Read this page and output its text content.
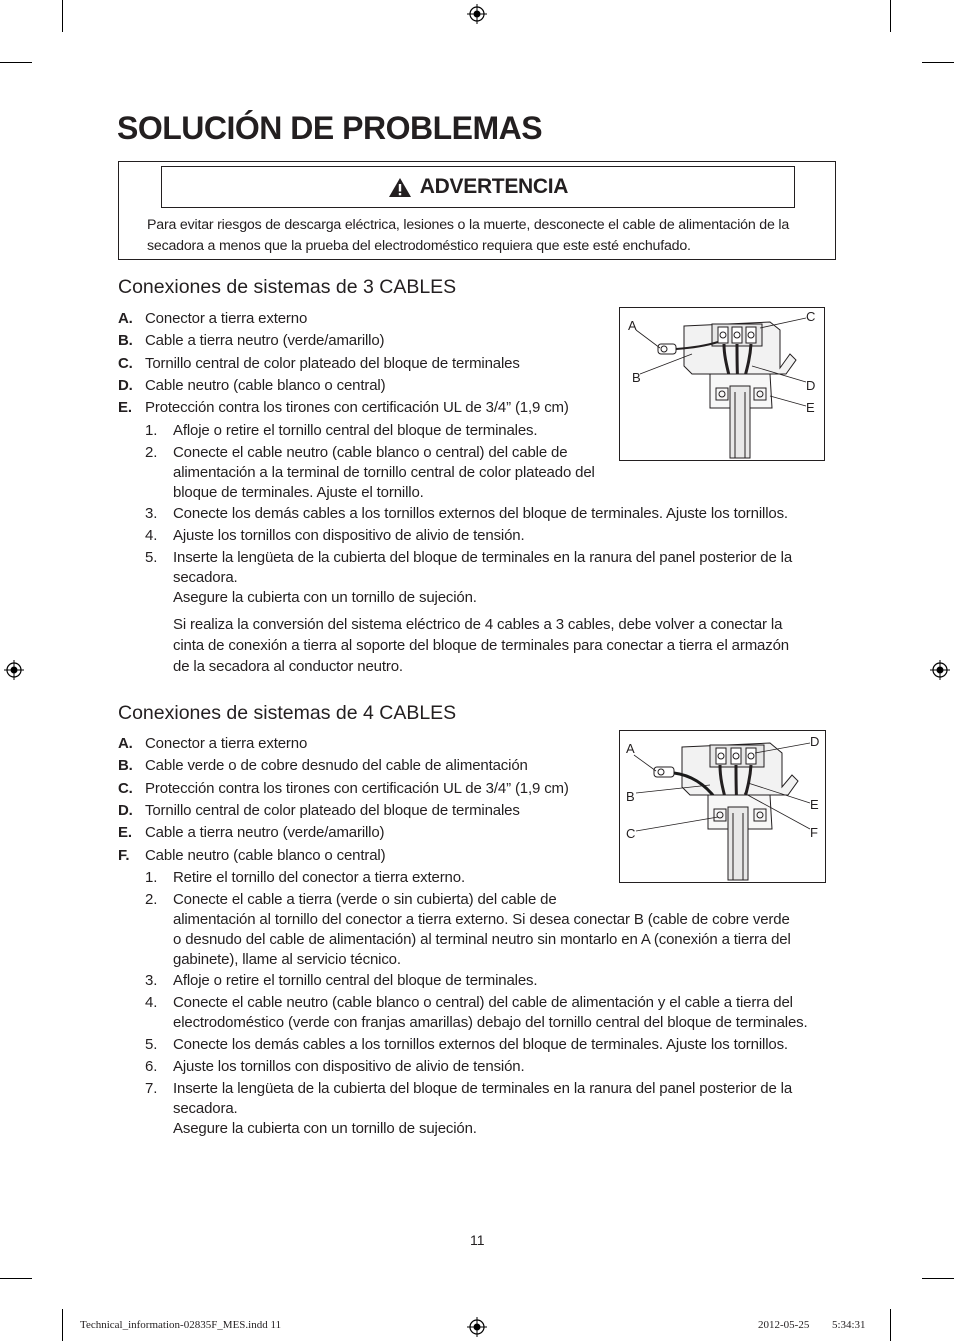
SOLUCIÓN DE PROBLEMAS
ADVERTENCIA
Para evitar riesgos de descarga eléctrica, lesiones o la muerte, desconecte el cable de alimentación de la secadora a menos que la prueba del electrodoméstico requiera que este esté enchufado.
Conexiones de sistemas de 3 CABLES
A. Conector a tierra externo
B. Cable a tierra neutro (verde/amarillo)
C. Tornillo central de color plateado del bloque de terminales
D. Cable neutro (cable blanco o central)
E. Protección contra los tirones con certificación UL de 3/4” (1,9 cm)
1. Afloje o retire el tornillo central del bloque de terminales.
2. Conecte el cable neutro (cable blanco o central) del cable de
alimentación a la terminal de tornillo central de color plateado del
bloque de terminales. Ajuste el tornillo.
3. Conecte los demás cables a los tornillos externos del bloque de terminales. Ajuste los tornillos.
4. Ajuste los tornillos con dispositivo de alivio de tensión.
5. Inserte la lengüeta de la cubierta del bloque de terminales en la ranura del panel posterior de la
secadora.
Asegure la cubierta con un tornillo de sujeción.
Si realiza la conversión del sistema eléctrico de 4 cables a 3 cables, debe volver a conectar la
cinta de conexión a tierra al soporte del bloque de terminales para conectar a tierra el armazón
de la secadora al conductor neutro.
A
B
C
D
E
Conexiones de sistemas de 4 CABLES
A. Conector a tierra externo
B. Cable verde o de cobre desnudo del cable de alimentación
C. Protección contra los tirones con certificación UL de 3/4” (1,9 cm)
D. Tornillo central de color plateado del bloque de terminales
E. Cable a tierra neutro (verde/amarillo)
F. Cable neutro (cable blanco o central)
1. Retire el tornillo del conector a tierra externo.
2. Conecte el cable a tierra (verde o sin cubierta) del cable de
alimentación al tornillo del conector a tierra externo. Si desea conectar B (cable de cobre verde
o desnudo del cable de alimentación) al terminal neutro sin montarlo en A (conexión a tierra del
gabinete), llame al servicio técnico.
3. Afloje o retire el tornillo central del bloque de terminales.
4. Conecte el cable neutro (cable blanco o central) del cable de alimentación y el cable a tierra del
electrodoméstico (verde con franjas amarillas) debajo del tornillo central del bloque de terminales.
5. Conecte los demás cables a los tornillos externos del bloque de terminales. Ajuste los tornillos.
6. Ajuste los tornillos con dispositivo de alivio de tensión.
7. Inserte la lengüeta de la cubierta del bloque de terminales en la ranura del panel posterior de la
secadora.
Asegure la cubierta con un tornillo de sujeción.
A
B
C
D
E
F
11
Technical_information-02835F_MES.indd 11	2012-05-25    5:34:31
